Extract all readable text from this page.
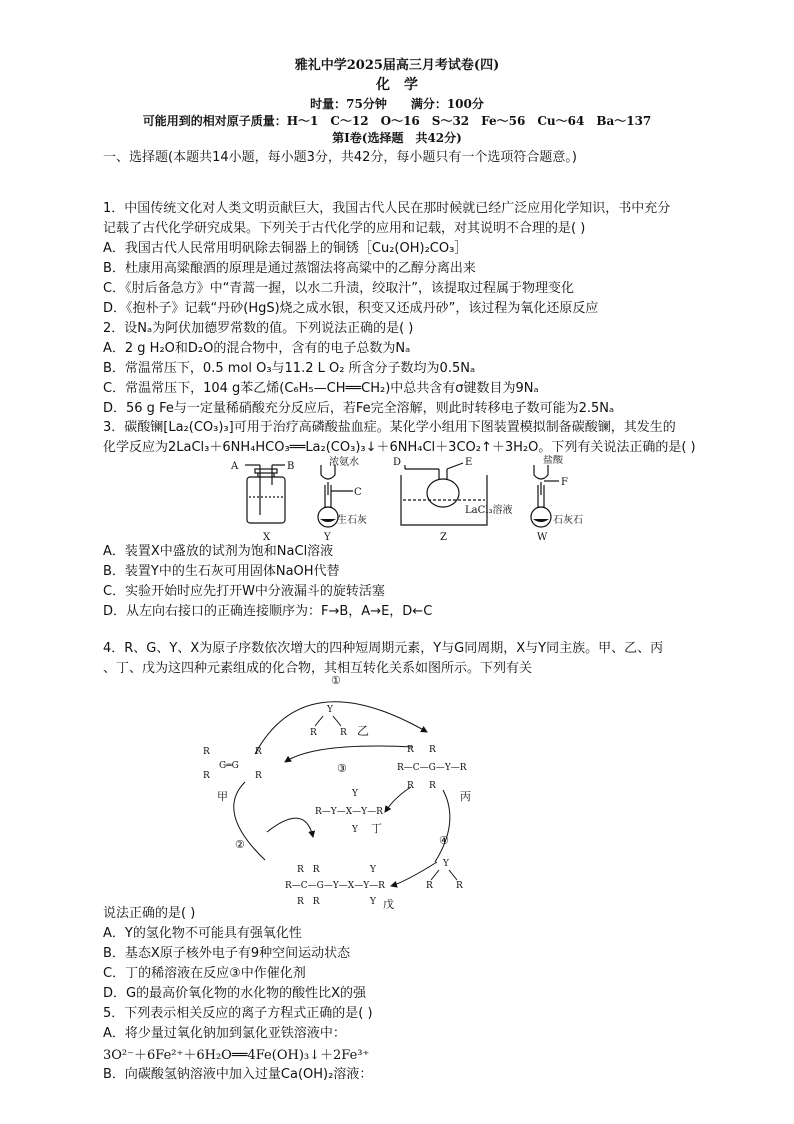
雅礼中学2025届高三月考试卷(四)
化　学
时量：75分钟　　满分：100分
可能用到的相对原子质量：H～1　C～12　O～16　S～32　Fe～56　Cu～64　Ba～137
第Ⅰ卷(选择题　共42分)
一、选择题(本题共14小题，每小题3分，共42分，每小题只有一个选项符合题意。)
1．中国传统文化对人类文明贡献巨大，我国古代人民在那时候就已经广泛应用化学知识，书中充分
记载了古代化学研究成果。下列关于古代化学的应用和记载，对其说明不合理的是( )
A．我国古代人民常用明矾除去铜器上的铜锈［Cu₂(OH)₂CO₃］
B．杜康用高粱酿酒的原理是通过蒸馏法将高粱中的乙醇分离出来
C．《肘后备急方》中“青蒿一握，以水二升渍，绞取汁”，该提取过程属于物理变化
D．《抱朴子》记载“丹砂(HgS)烧之成水银，积变又还成丹砂”，该过程为氧化还原反应
2．设Nₐ为阿伏加德罗常数的值。下列说法正确的是( )
A．2 g H₂O和D₂O的混合物中，含有的电子总数为Nₐ
B．常温常压下，0.5 mol O₃与11.2 L O₂ 所含分子数均为0.5Nₐ
C．常温常压下，104 g苯乙烯(C₆H₅—CH══CH₂)中总共含有σ键数目为9Nₐ
D．56 g Fe与一定量稀硝酸充分反应后，若Fe完全溶解，则此时转移电子数可能为2.5Nₐ
3．碳酸镧[La₂(CO₃)₃]可用于治疗高磷酸盐血症。某化学小组用下图装置模拟制备碳酸镧，其发生的
化学反应为2LaCl₃＋6NH₄HCO₃══La₂(CO₃)₃↓＋6NH₄Cl＋3CO₂↑＋3H₂O。下列有关说法正确的是( )
A	B
X
浓氨水
C
生石灰
Y
D	E
LaCl₃溶液
Z
盐酸
F
石灰石
W
A．装置X中盛放的试剂为饱和NaCl溶液
B．装置Y中的生石灰可用固体NaOH代替
C．实验开始时应先打开W中分液漏斗的旋转活塞
D．从左向右接口的正确连接顺序为：F→B，A→E，D←C
4．R、G、Y、X为原子序数依次增大的四种短周期元素，Y与G同周期，X与Y同主族。甲、乙、丙
、丁、戊为这四种元素组成的化合物，其相互转化关系如图所示。下列有关
①
③
②	④
Y
R	R 乙
R
R
G═G
R
R
甲
R R
R—C—G—Y—R
R R
丙
Y
R—Y—X—Y—R
Y 丁
R　R	Y
R—C—G—Y—X—Y—R
R　R	Y 戊
Y
R	R
说法正确的是( )
A．Y的氢化物不可能具有强氧化性
B．基态X原子核外电子有9种空间运动状态
C．丁的稀溶液在反应③中作催化剂
D．G的最高价氧化物的水化物的酸性比X的强
5．下列表示相关反应的离子方程式正确的是( )
A．将少量过氧化钠加到氯化亚铁溶液中：
3O²⁻＋6Fe²⁺＋6H₂O══4Fe(OH)₃↓＋2Fe³⁺
B．向碳酸氢钠溶液中加入过量Ca(OH)₂溶液：
